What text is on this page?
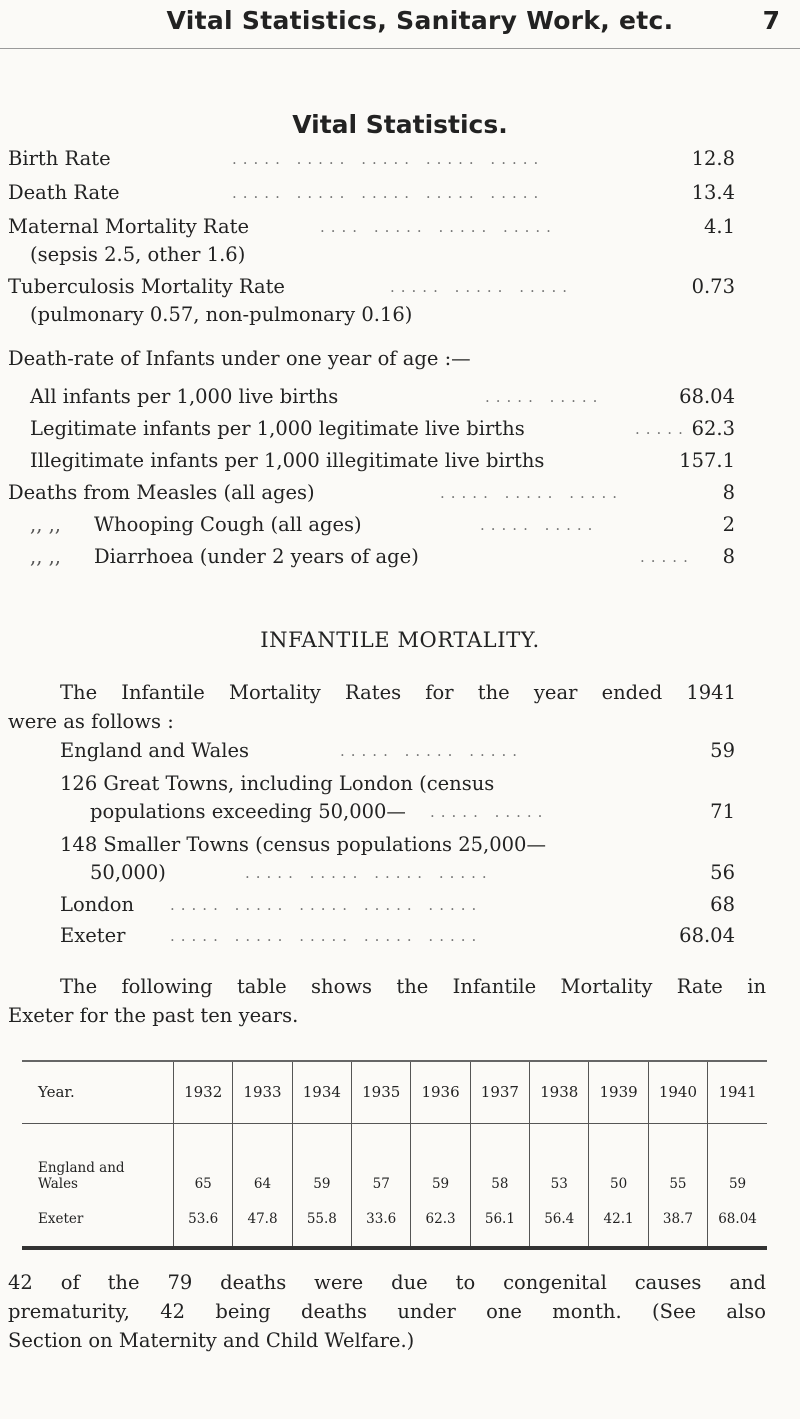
Vital Statistics, Sanitary Work, etc.	7
Vital Statistics.
Birth Rate	..... ..... ..... ..... .....	12.8
Death Rate	..... ..... ..... ..... .....	13.4
Maternal Mortality Rate	.... ..... ..... .....	4.1
(sepsis 2.5, other 1.6)
Tuberculosis Mortality Rate	..... ..... .....	0.73
(pulmonary 0.57, non-pulmonary 0.16)
Death-rate of Infants under one year of age :—
All infants per 1,000 live births	..... .....	68.04
Legitimate infants per 1,000 legitimate live births	..... 62.3
Illegitimate infants per 1,000 illegitimate live births	157.1
Deaths from Measles (all ages)	..... ..... .....	8
,, ,, Whooping Cough (all ages)	..... .....	2
,, ,, Diarrhoea (under 2 years of age)	..... 8
INFANTILE MORTALITY.
The Infantile Mortality Rates for the year ended 1941
were as follows :
England and Wales	..... ..... .....	59
126 Great Towns, including London (census
populations exceeding 50,000— ..... .....	71
148 Smaller Towns (census populations 25,000—
50,000)	..... ..... ..... .....	56
London ..... ..... ..... ..... .....	68
Exeter	..... ..... ..... ..... .....	68.04
The following table shows the Infantile Mortality Rate in
Exeter for the past ten years.
Year.	1932	1933	1934	1935	1936	1937	1938	1939	1940	1941
England and
Wales	65	64	59	57	59	58	53	50	55	59
Exeter	53.6	47.8	55.8	33.6	62.3	56.1	56.4	42.1	38.7	68.04
42 of the 79 deaths were due to congenital causes and
prematurity, 42 being deaths under one month. (See also
Section on Maternity and Child Welfare.)
